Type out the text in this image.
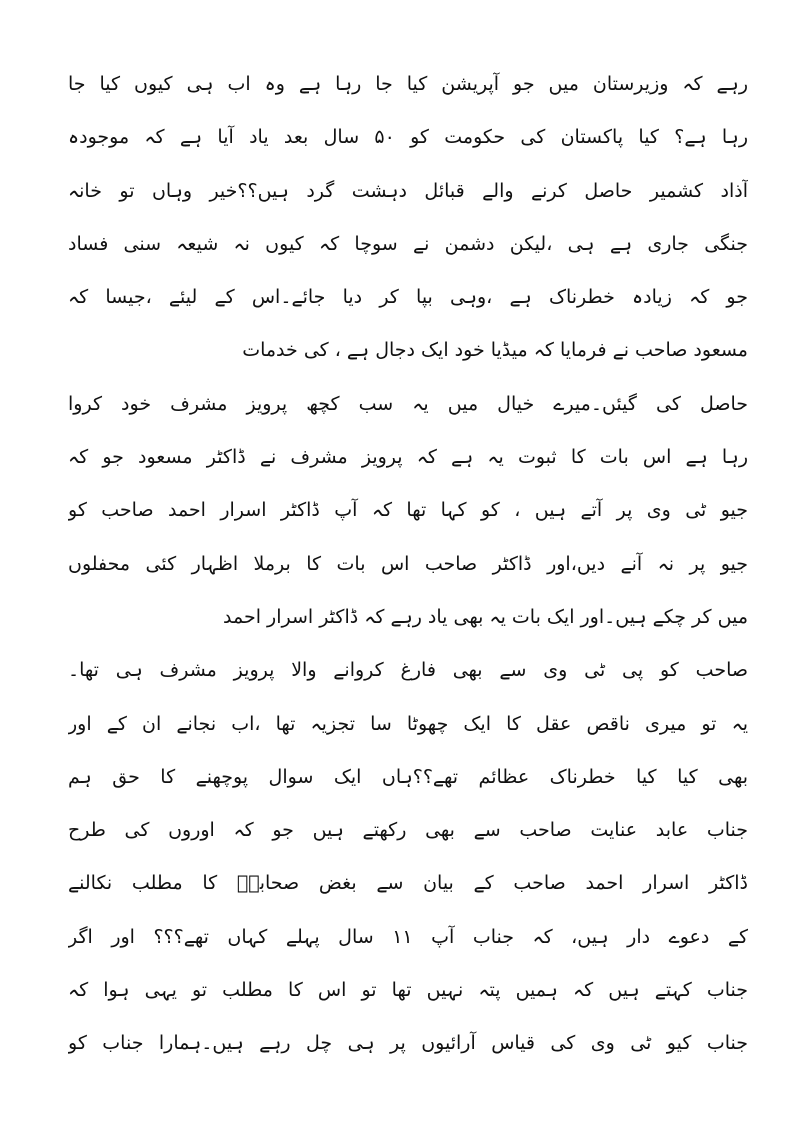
رہے کہ وزیرستان میں جو آپریشن کیا جا رہا ہے وہ اب ہی کیوں کیا جا
رہا ہے؟ کیا پاکستان کی حکومت کو ۵۰ سال بعد یاد آیا ہے کہ موجودہ
آذاد کشمیر حاصل کرنے والے قبائل دہشت گرد ہیں؟؟خیر وہاں تو خانہ
جنگی جاری ہے ہی ،لیکن دشمن نے سوچا کہ کیوں نہ شیعہ سنی فساد
جو کہ زیادہ خطرناک ہے ،وہی بپا کر دیا جائے۔اس کے لیئے ،جیسا کہ
مسعود صاحب نے فرمایا کہ میڈیا خود ایک دجال ہے ، کی خدمات
حاصل کی گیئں۔میرے خیال میں یہ سب کچھ پرویز مشرف خود کروا
رہا ہے اس بات کا ثبوت یہ ہے کہ پرویز مشرف نے ڈاکٹر مسعود جو کہ
جیو ٹی وی پر آتے ہیں ، کو کہا تھا کہ آپ ڈاکٹر اسرار احمد صاحب کو
جیو پر نہ آنے دیں،اور ڈاکٹر صاحب اس بات کا برملا اظہار کئی محفلوں
میں کر چکے ہیں۔اور ایک بات یہ بھی یاد رہے کہ ڈاکٹر اسرار احمد
صاحب کو پی ٹی وی سے بھی فارغ کروانے والا پرویز مشرف ہی تھا۔
یہ تو میری ناقص عقل کا ایک چھوٹا سا تجزیہ تھا ،اب نجانے ان کے اور
بھی کیا کیا خطرناک عظائم تھے؟؟ہاں ایک سوال پوچھنے کا حق ہم
جناب عابد عنایت صاحب سے بھی رکھتے ہیں جو کہ اوروں کی طرح
ڈاکٹر اسرار احمد صاحب کے بیان سے بغض صحابہؓ کا مطلب نکالنے
کے دعوے دار ہیں، کہ جناب آپ ۱۱ سال پہلے کہاں تھے؟؟؟ اور اگر
جناب کہتے ہیں کہ ہمیں پتہ نہیں تھا تو اس کا مطلب تو یہی ہوا کہ
جناب کیو ٹی وی کی قیاس آرائیوں پر ہی چل رہے ہیں۔ہمارا جناب کو
